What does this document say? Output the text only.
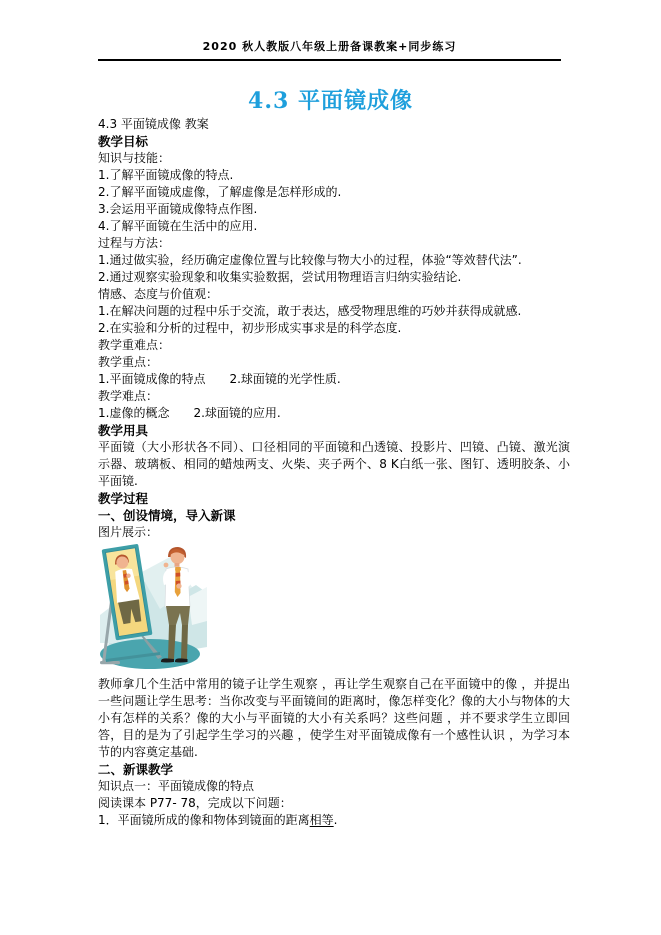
2020 秋人教版八年级上册备课教案+同步练习
4.3 平面镜成像
4.3 平面镜成像 教案
教学目标
知识与技能：
1.了解平面镜成像的特点.
2.了解平面镜成虚像，了解虚像是怎样形成的.
3.会运用平面镜成像特点作图.
4.了解平面镜在生活中的应用.
过程与方法：
1.通过做实验，经历确定虚像位置与比较像与物大小的过程，体验“等效替代法”.
2.通过观察实验现象和收集实验数据，尝试用物理语言归纳实验结论.
情感、态度与价值观：
1.在解决问题的过程中乐于交流，敢于表达，感受物理思维的巧妙并获得成就感.
2.在实验和分析的过程中，初步形成实事求是的科学态度.
教学重难点：
教学重点：
1.平面镜成像的特点　　2.球面镜的光学性质.
教学难点：
1.虚像的概念　　2.球面镜的应用.
教学用具
平面镜（大小形状各不同）、口径相同的平面镜和凸透镜、投影片、凹镜、凸镜、激光演示器、玻璃板、相同的蜡烛两支、火柴、夹子两个、8 K白纸一张、图钉、透明胶条、小平面镜.
教学过程
一、创设情境，导入新课
图片展示：
教师拿几个生活中常用的镜子让学生观察 ，再让学生观察自己在平面镜中的像 ，并提出一些问题让学生思考：当你改变与平面镜间的距离时，像怎样变化？像的大小与物体的大小有怎样的关系？像的大小与平面镜的大小有关系吗？这些问题 ，并不要求学生立即回答，目的是为了引起学生学习的兴趣 ，使学生对平面镜成像有一个感性认识 ，为学习本节的内容奠定基础.
二、新课教学
知识点一：平面镜成像的特点
阅读课本 P77- 78，完成以下问题：
1．平面镜所成的像和物体到镜面的距离相等.
